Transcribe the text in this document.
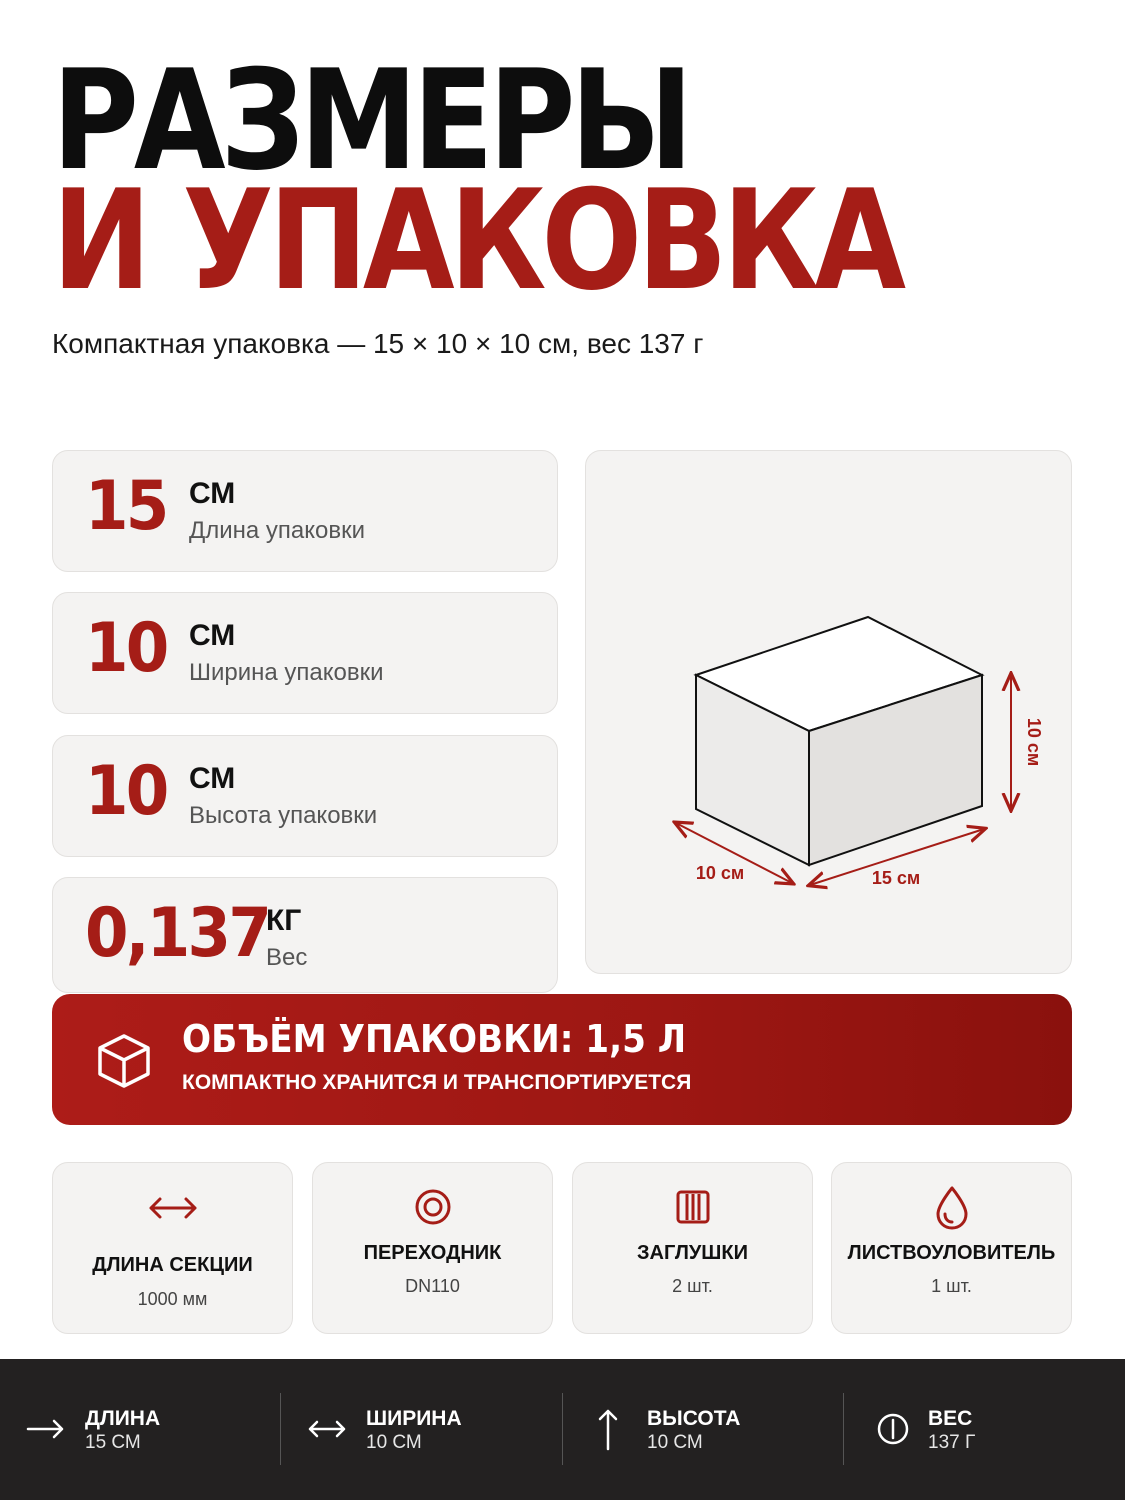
РАЗМЕРЫ
И УПАКОВКА
Компактная упаковка — 15 × 10 × 10 см, вес 137 г
15 СМ
Длина упаковки
10 СМ
Ширина упаковки
10 СМ
Высота упаковки
0,137
КГ
Вес
10 см
10 см	15 см
ОБЪЁМ УПАКОВКИ: 1,5 Л
КОМПАКТНО ХРАНИТСЯ И ТРАНСПОРТИРУЕТСЯ
ДЛИНА СЕКЦИИ
1000 мм
ПЕРЕХОДНИК
DN110
ЗАГЛУШКИ
2 шт.
ЛИСТВОУЛОВИТЕЛЬ
1 шт.
ДЛИНА
15 СМ
ШИРИНА
10 СМ
ВЫСОТА
10 СМ
ВЕС
137 Г
